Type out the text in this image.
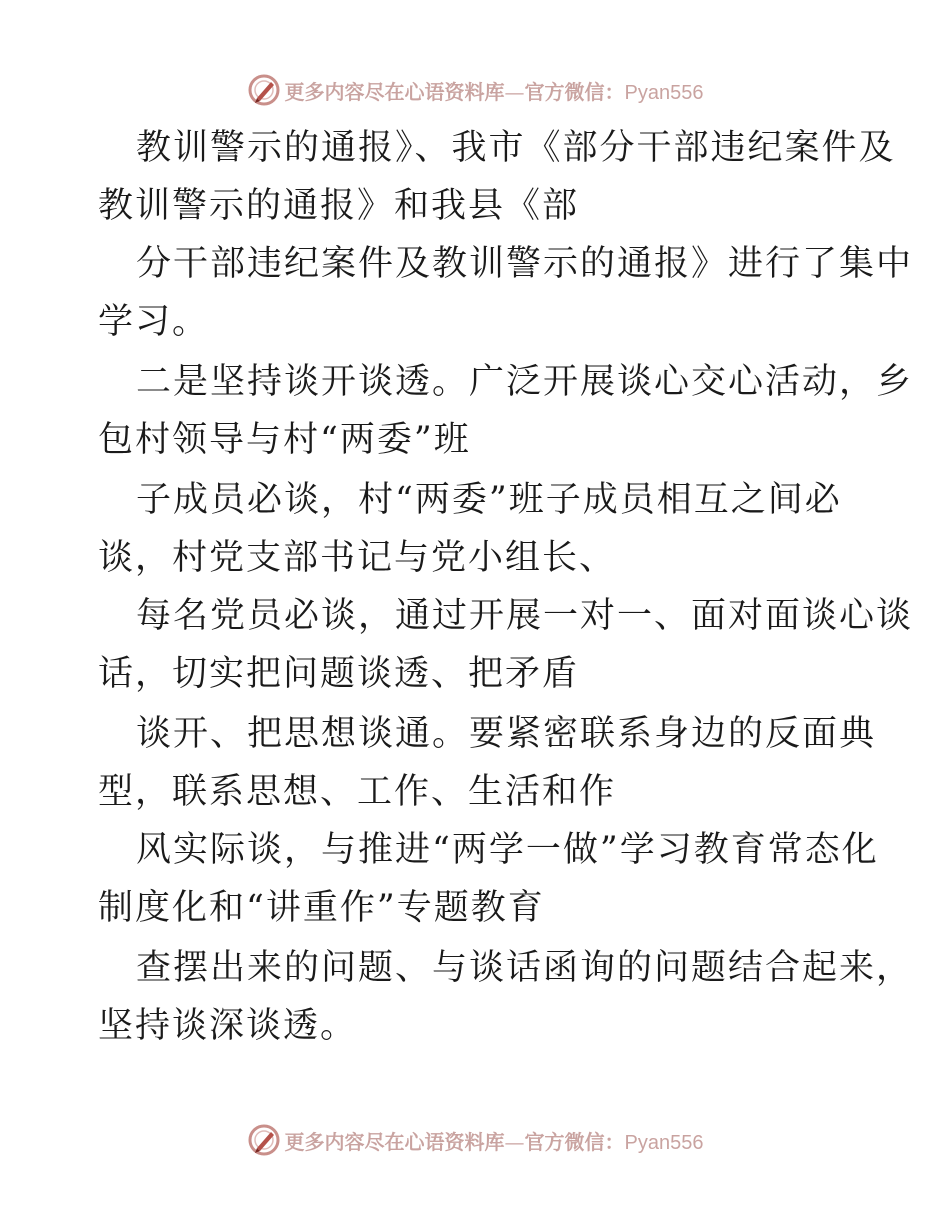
更多内容尽在心语资料库—官方微信：Pyan556
教训警示的通报》、我市《部分干部违纪案件及
教训警示的通报》和我县《部
分干部违纪案件及教训警示的通报》进行了集中
学习。
二是坚持谈开谈透。广泛开展谈心交心活动，乡
包村领导与村“两委”班
子成员必谈，村“两委”班子成员相互之间必
谈，村党支部书记与党小组长、
每名党员必谈，通过开展一对一、面对面谈心谈
话，切实把问题谈透、把矛盾
谈开、把思想谈通。要紧密联系身边的反面典
型，联系思想、工作、生活和作
风实际谈，与推进“两学一做”学习教育常态化
制度化和“讲重作”专题教育
查摆出来的问题、与谈话函询的问题结合起来，
坚持谈深谈透。
更多内容尽在心语资料库—官方微信：Pyan556
